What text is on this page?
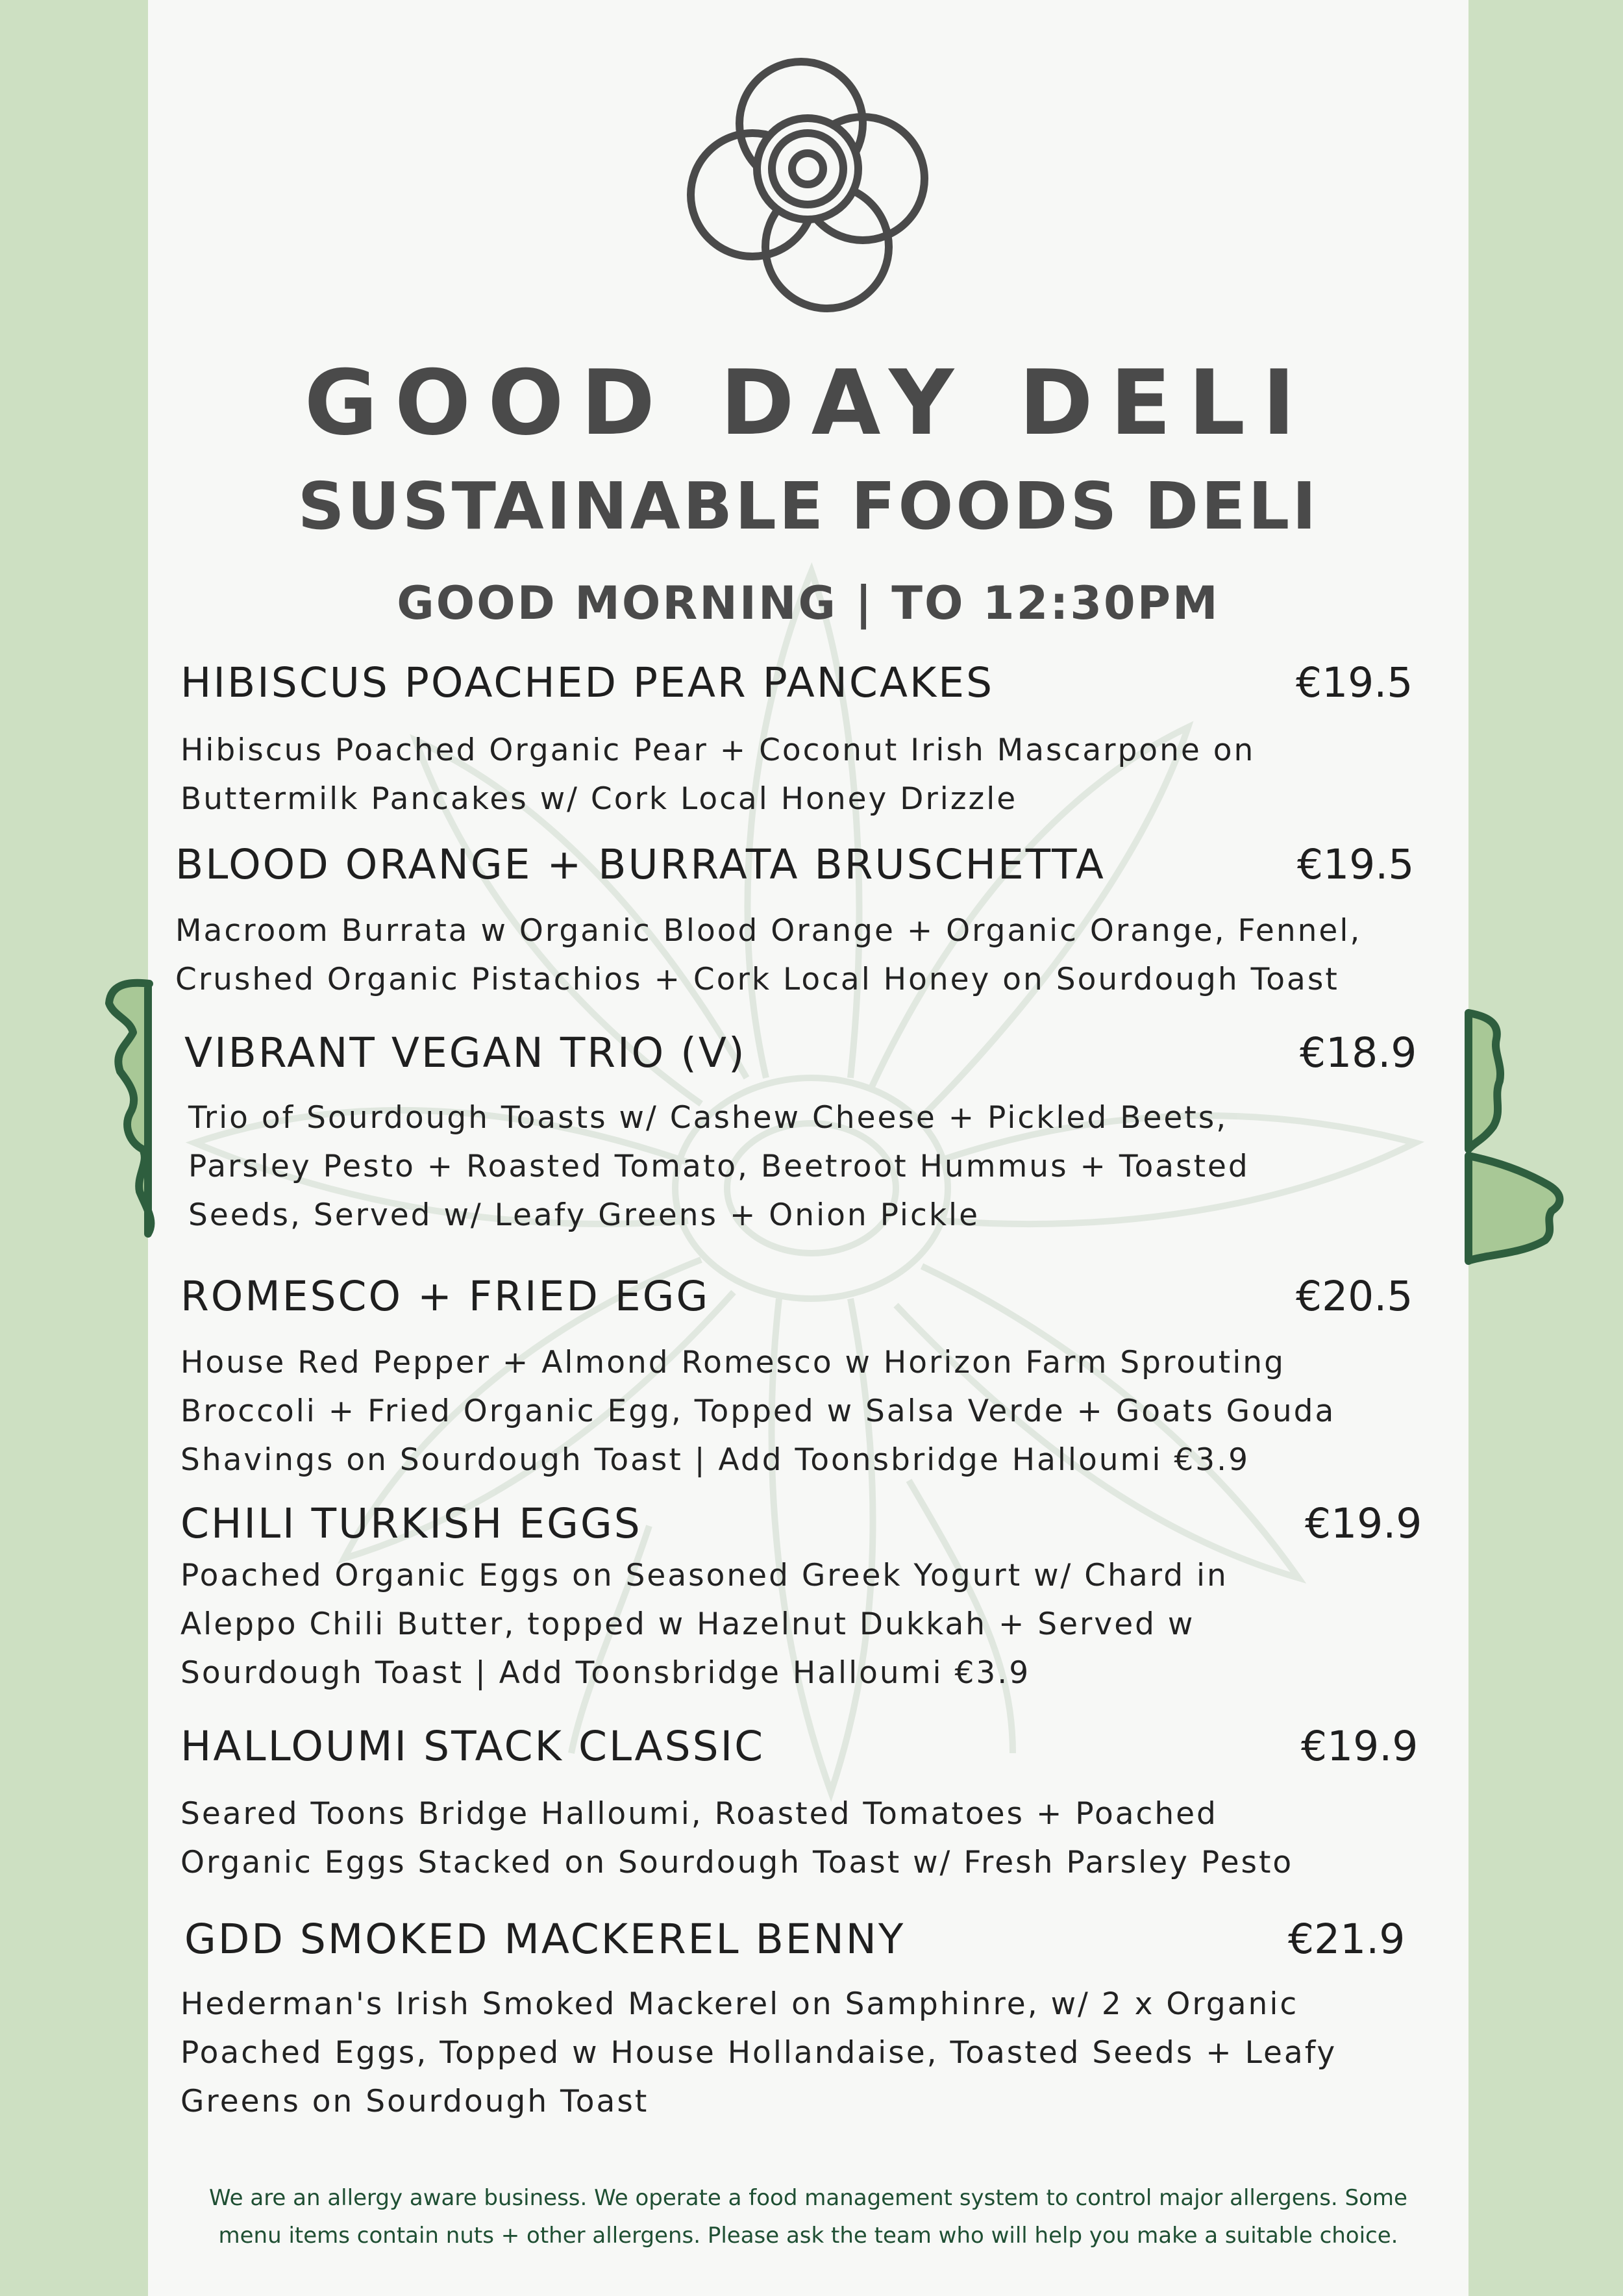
GOOD DAY DELI
SUSTAINABLE FOODS DELI
GOOD MORNING | TO 12:30PM
HIBISCUS POACHED PEAR PANCAKES	€19.5

Hibiscus Poached Organic Pear + Coconut Irish Mascarpone on
Buttermilk Pancakes w/ Cork Local Honey Drizzle

BLOOD ORANGE + BURRATA BRUSCHETTA	€19.5

Macroom Burrata w Organic Blood Orange + Organic Orange, Fennel,
Crushed Organic Pistachios + Cork Local Honey on Sourdough Toast

VIBRANT VEGAN TRIO (V)	€18.9

Trio of Sourdough Toasts w/ Cashew Cheese + Pickled Beets,
Parsley Pesto + Roasted Tomato, Beetroot Hummus + Toasted
Seeds, Served w/ Leafy Greens + Onion Pickle

ROMESCO + FRIED EGG	€20.5

House Red Pepper + Almond Romesco w Horizon Farm Sprouting
Broccoli + Fried Organic Egg, Topped w Salsa Verde + Goats Gouda
Shavings on Sourdough Toast | Add Toonsbridge Halloumi €3.9

CHILI TURKISH EGGS	€19.9

Poached Organic Eggs on Seasoned Greek Yogurt w/ Chard in
Aleppo Chili Butter, topped w Hazelnut Dukkah + Served w
Sourdough Toast | Add Toonsbridge Halloumi €3.9

HALLOUMI STACK CLASSIC	€19.9

Seared Toons Bridge Halloumi, Roasted Tomatoes + Poached
Organic Eggs Stacked on Sourdough Toast w/ Fresh Parsley Pesto

GDD SMOKED MACKEREL BENNY	€21.9

Hederman's Irish Smoked Mackerel on Samphinre, w/ 2 x Organic
Poached Eggs, Topped w House Hollandaise, Toasted Seeds + Leafy
Greens on Sourdough Toast

We are an allergy aware business. We operate a food management system to control major allergens. Some
menu items contain nuts + other allergens. Please ask the team who will help you make a suitable choice.
